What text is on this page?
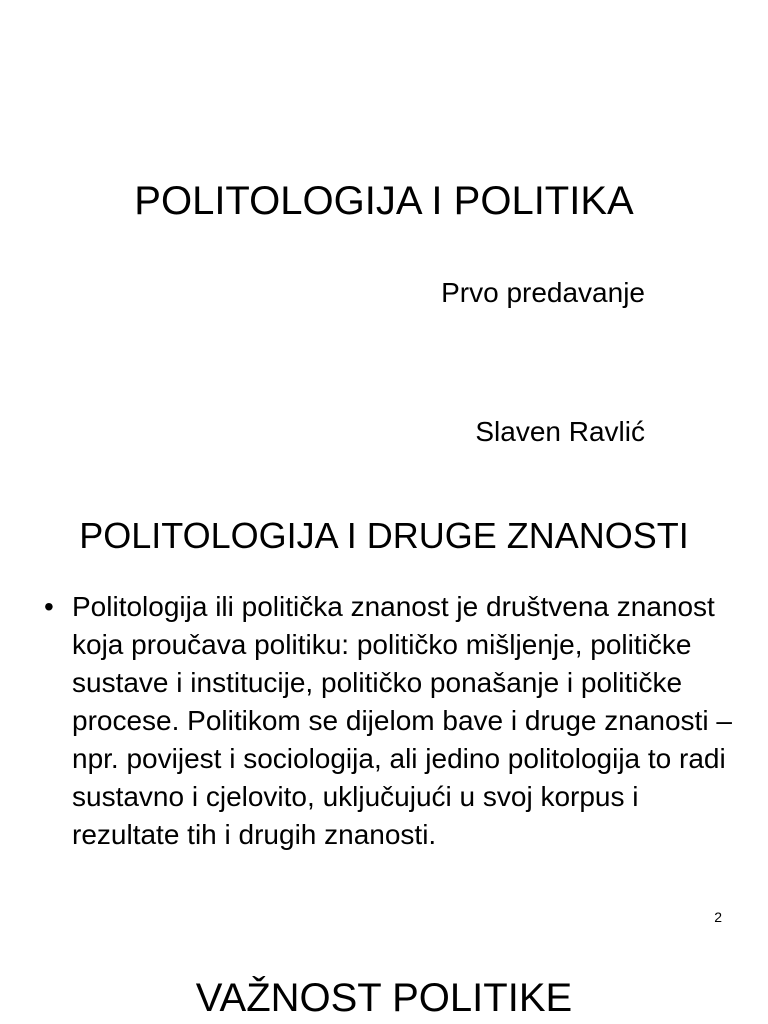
POLITOLOGIJA I POLITIKA
Prvo predavanje
Slaven Ravlić
POLITOLOGIJA I DRUGE ZNANOSTI
• Politologija ili politička znanost je društvena znanost koja proučava politiku: političko mišljenje, političke sustave i institucije, političko ponašanje i političke procese. Politikom se dijelom bave i druge znanosti – npr. povijest i sociologija, ali jedino politologija to radi sustavno i cjelovito, uključujući u svoj korpus i rezultate tih i drugih znanosti.
2
VAŽNOST POLITIKE
